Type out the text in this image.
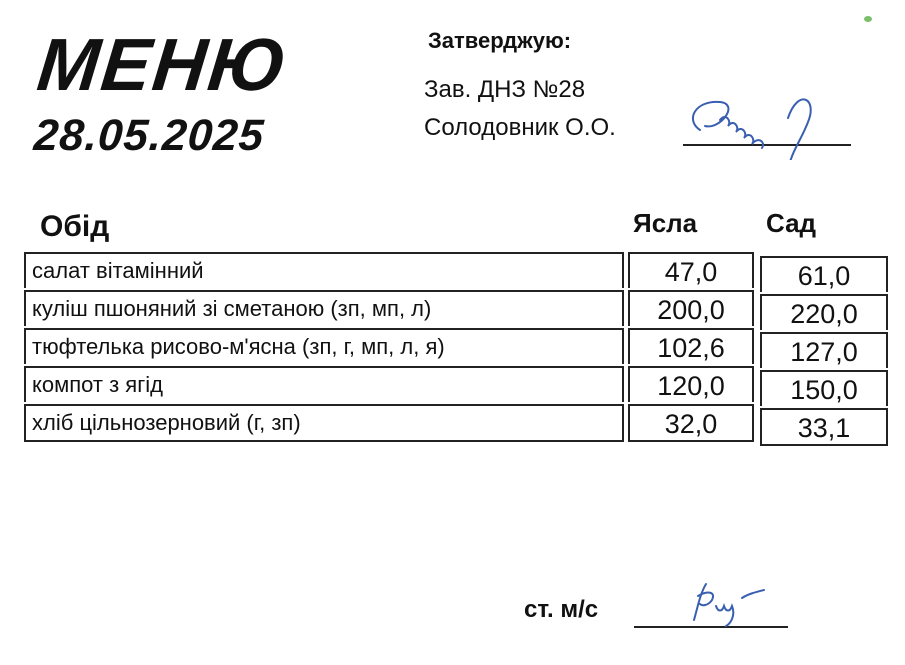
МЕНЮ
28.05.2025
Затверджую:
Зав. ДНЗ №28
Солодовник О.О.
Обід	Ясла	Сад
салат вітамінний	47,0	61,0
куліш пшоняний зі сметаною (зп, мп, л)	200,0	220,0
тюфтелька рисово-м'ясна (зп, г, мп, л, я)	102,6	127,0
компот з ягід	120,0	150,0
хліб цільнозерновий (г, зп)	32,0	33,1
ст. м/с
